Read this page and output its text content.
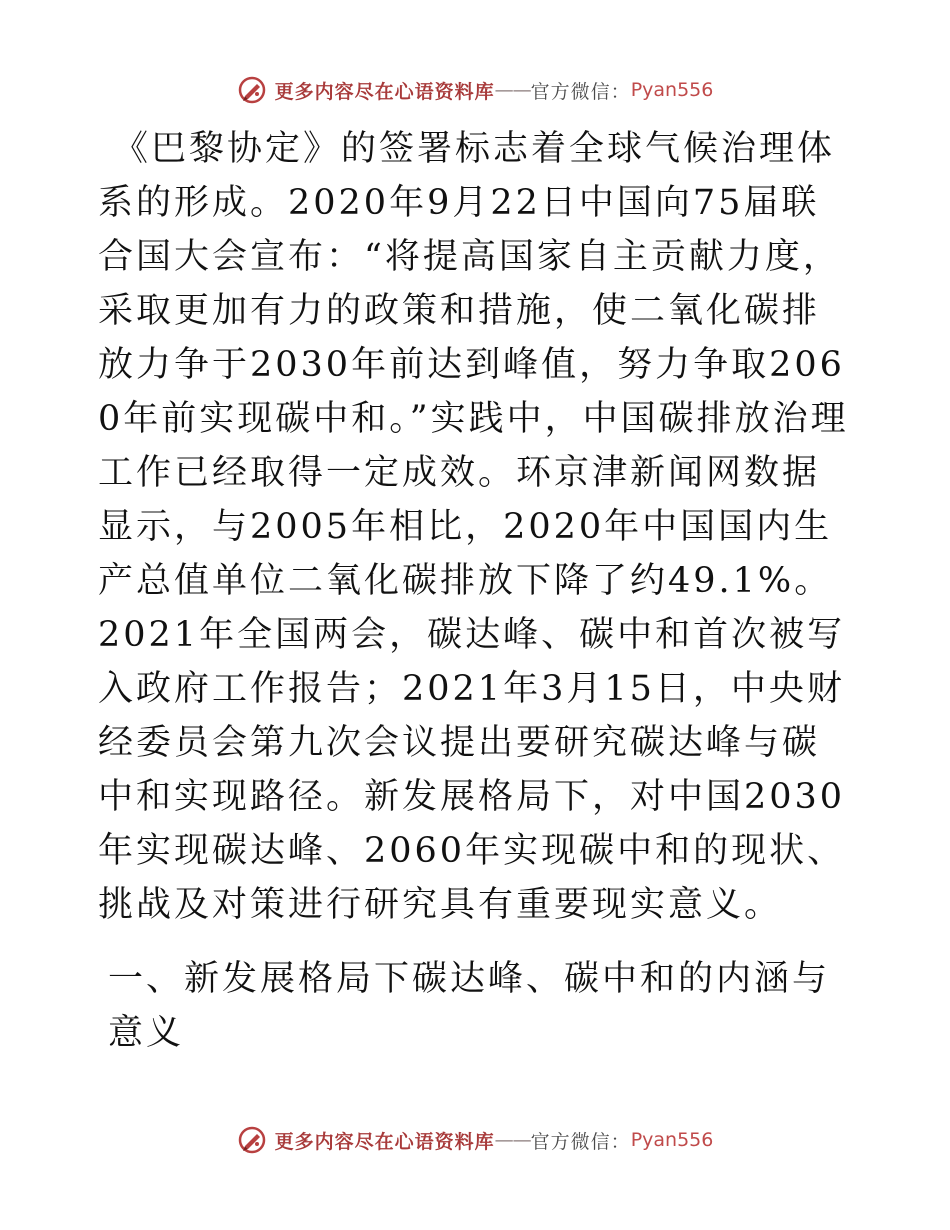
更多内容尽在心语资料库 —— 官方微信： Pyan556

《巴黎协定》的签署标志着全球气候治理体系的形成。2020年9月22日中国向75届联合国大会宣布：“将提高国家自主贡献力度，采取更加有力的政策和措施，使二氧化碳排放力争于2030年前达到峰值，努力争取2060年前实现碳中和。”实践中，中国碳排放治理工作已经取得一定成效。环京津新闻网数据显示，与2005年相比，2020年中国国内生产总值单位二氧化碳排放下降了约49.1%。2021年全国两会，碳达峰、碳中和首次被写入政府工作报告；2021年3月15日，中央财经委员会第九次会议提出要研究碳达峰与碳中和实现路径。新发展格局下，对中国2030年实现碳达峰、2060年实现碳中和的现状、挑战及对策进行研究具有重要现实意义。

一、新发展格局下碳达峰、碳中和的内涵与意义
更多内容尽在心语资料库 —— 官方微信： Pyan556
